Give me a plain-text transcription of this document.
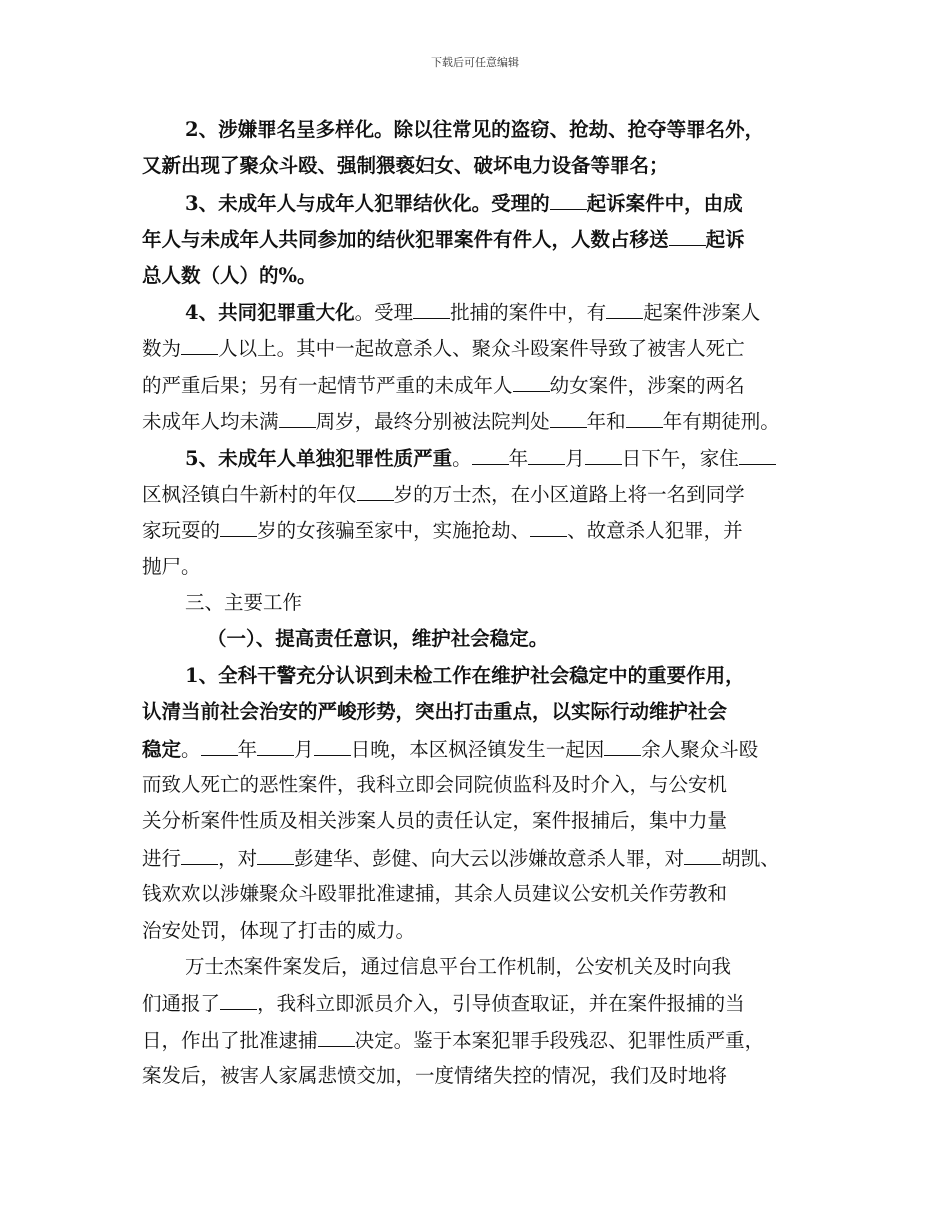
下载后可任意编辑
2、涉嫌罪名呈多样化。除以往常见的盗窃、抢劫、抢夺等罪名外，
又新出现了聚众斗殴、强制猥亵妇女、破坏电力设备等罪名；
3、未成年人与成年人犯罪结伙化。受理的 起诉案件中，由成
年人与未成年人共同参加的结伙犯罪案件有件人，人数占移送 起诉
总人数（人）的%。
4、共同犯罪重大化。受理 批捕的案件中，有 起案件涉案人
数为 人以上。其中一起故意杀人、聚众斗殴案件导致了被害人死亡
的严重后果；另有一起情节严重的未成年人 幼女案件，涉案的两名
未成年人均未满 周岁，最终分别被法院判处 年和 年有期徒刑。
5、未成年人单独犯罪性质严重。 年 月 日下午，家住
区枫泾镇白牛新村的年仅 岁的万士杰，在小区道路上将一名到同学
家玩耍的 岁的女孩骗至家中，实施抢劫、 、故意杀人犯罪，并
抛尸。
三、主要工作
（一）、提高责任意识，维护社会稳定。
1、全科干警充分认识到未检工作在维护社会稳定中的重要作用，
认清当前社会治安的严峻形势，突出打击重点，以实际行动维护社会
稳定。 年 月 日晚，本区枫泾镇发生一起因 余人聚众斗殴
而致人死亡的恶性案件，我科立即会同院侦监科及时介入，与公安机
关分析案件性质及相关涉案人员的责任认定，案件报捕后，集中力量
进行 ，对 彭建华、彭健、向大云以涉嫌故意杀人罪，对 胡凯、
钱欢欢以涉嫌聚众斗殴罪批准逮捕，其余人员建议公安机关作劳教和
治安处罚，体现了打击的威力。
万士杰案件案发后，通过信息平台工作机制，公安机关及时向我
们通报了 ，我科立即派员介入，引导侦查取证，并在案件报捕的当
日，作出了批准逮捕 决定。鉴于本案犯罪手段残忍、犯罪性质严重，
案发后，被害人家属悲愤交加，一度情绪失控的情况，我们及时地将
